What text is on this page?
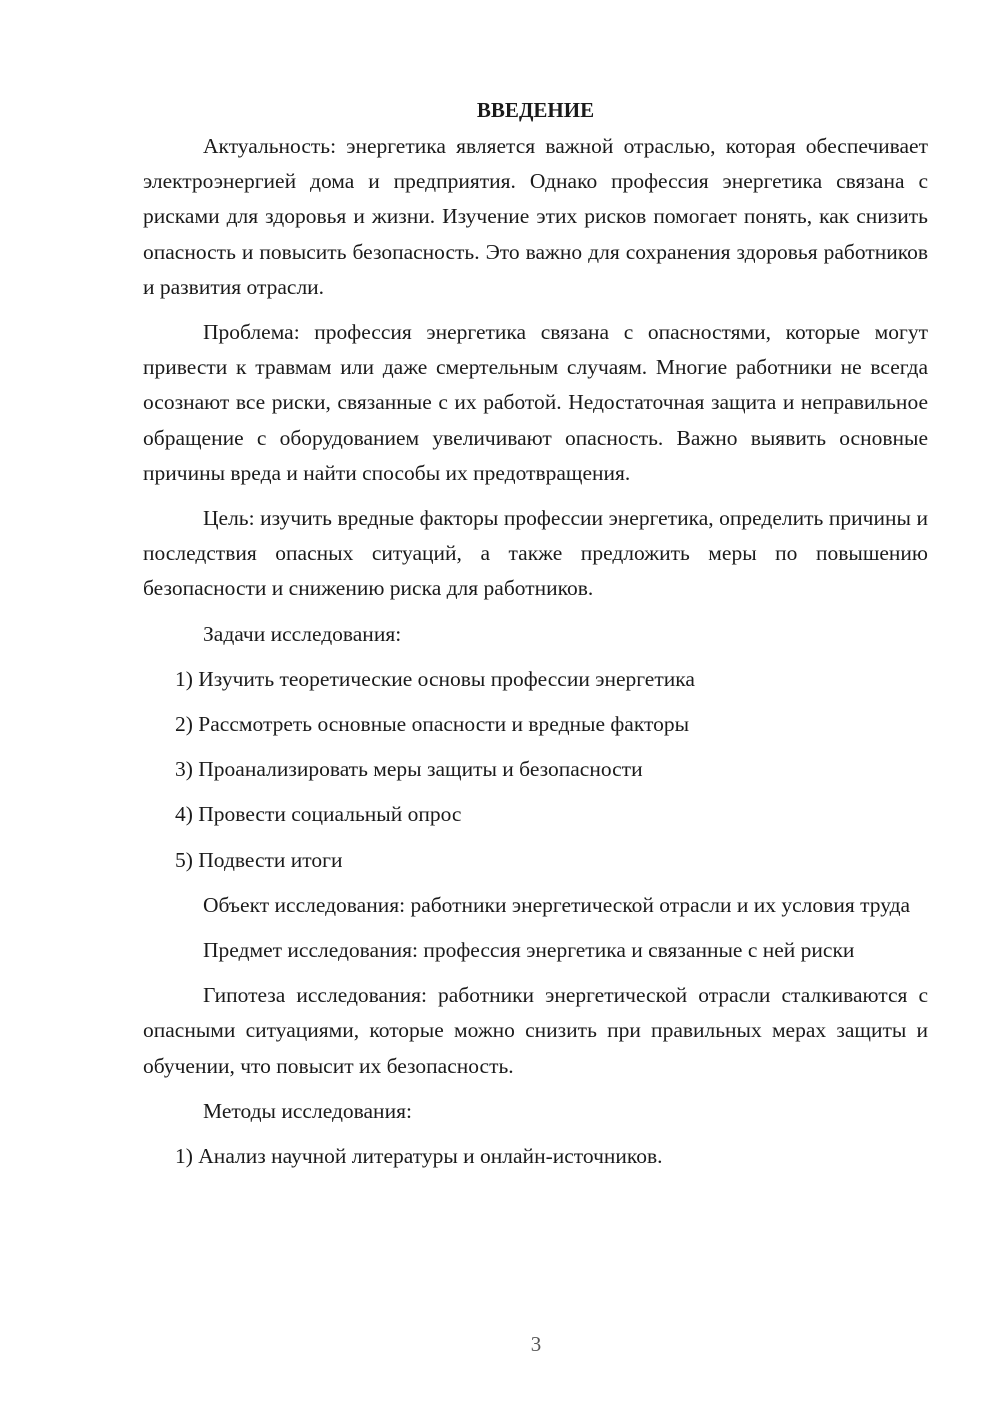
ВВЕДЕНИЕ

Актуальность: энергетика является важной отраслью, которая обеспечивает электроэнергией дома и предприятия. Однако профессия энергетика связана с рисками для здоровья и жизни. Изучение этих рисков помогает понять, как снизить опасность и повысить безопасность. Это важно для сохранения здоровья работников и развития отрасли.

Проблема: профессия энергетика связана с опасностями, которые могут привести к травмам или даже смертельным случаям. Многие работники не всегда осознают все риски, связанные с их работой. Недостаточная защита и неправильное обращение с оборудованием увеличивают опасность. Важно выявить основные причины вреда и найти способы их предотвращения.

Цель: изучить вредные факторы профессии энергетика, определить причины и последствия опасных ситуаций, а также предложить меры по повышению безопасности и снижению риска для работников.

Задачи исследования:

1) Изучить теоретические основы профессии энергетика

2) Рассмотреть основные опасности и вредные факторы

3) Проанализировать меры защиты и безопасности

4) Провести социальный опрос

5) Подвести итоги

Объект исследования: работники энергетической отрасли и их условия труда

Предмет исследования: профессия энергетика и связанные с ней риски

Гипотеза исследования: работники энергетической отрасли сталкиваются с опасными ситуациями, которые можно снизить при правильных мерах защиты и обучении, что повысит их безопасность.

Методы исследования:

1) Анализ научной литературы и онлайн-источников.

3
